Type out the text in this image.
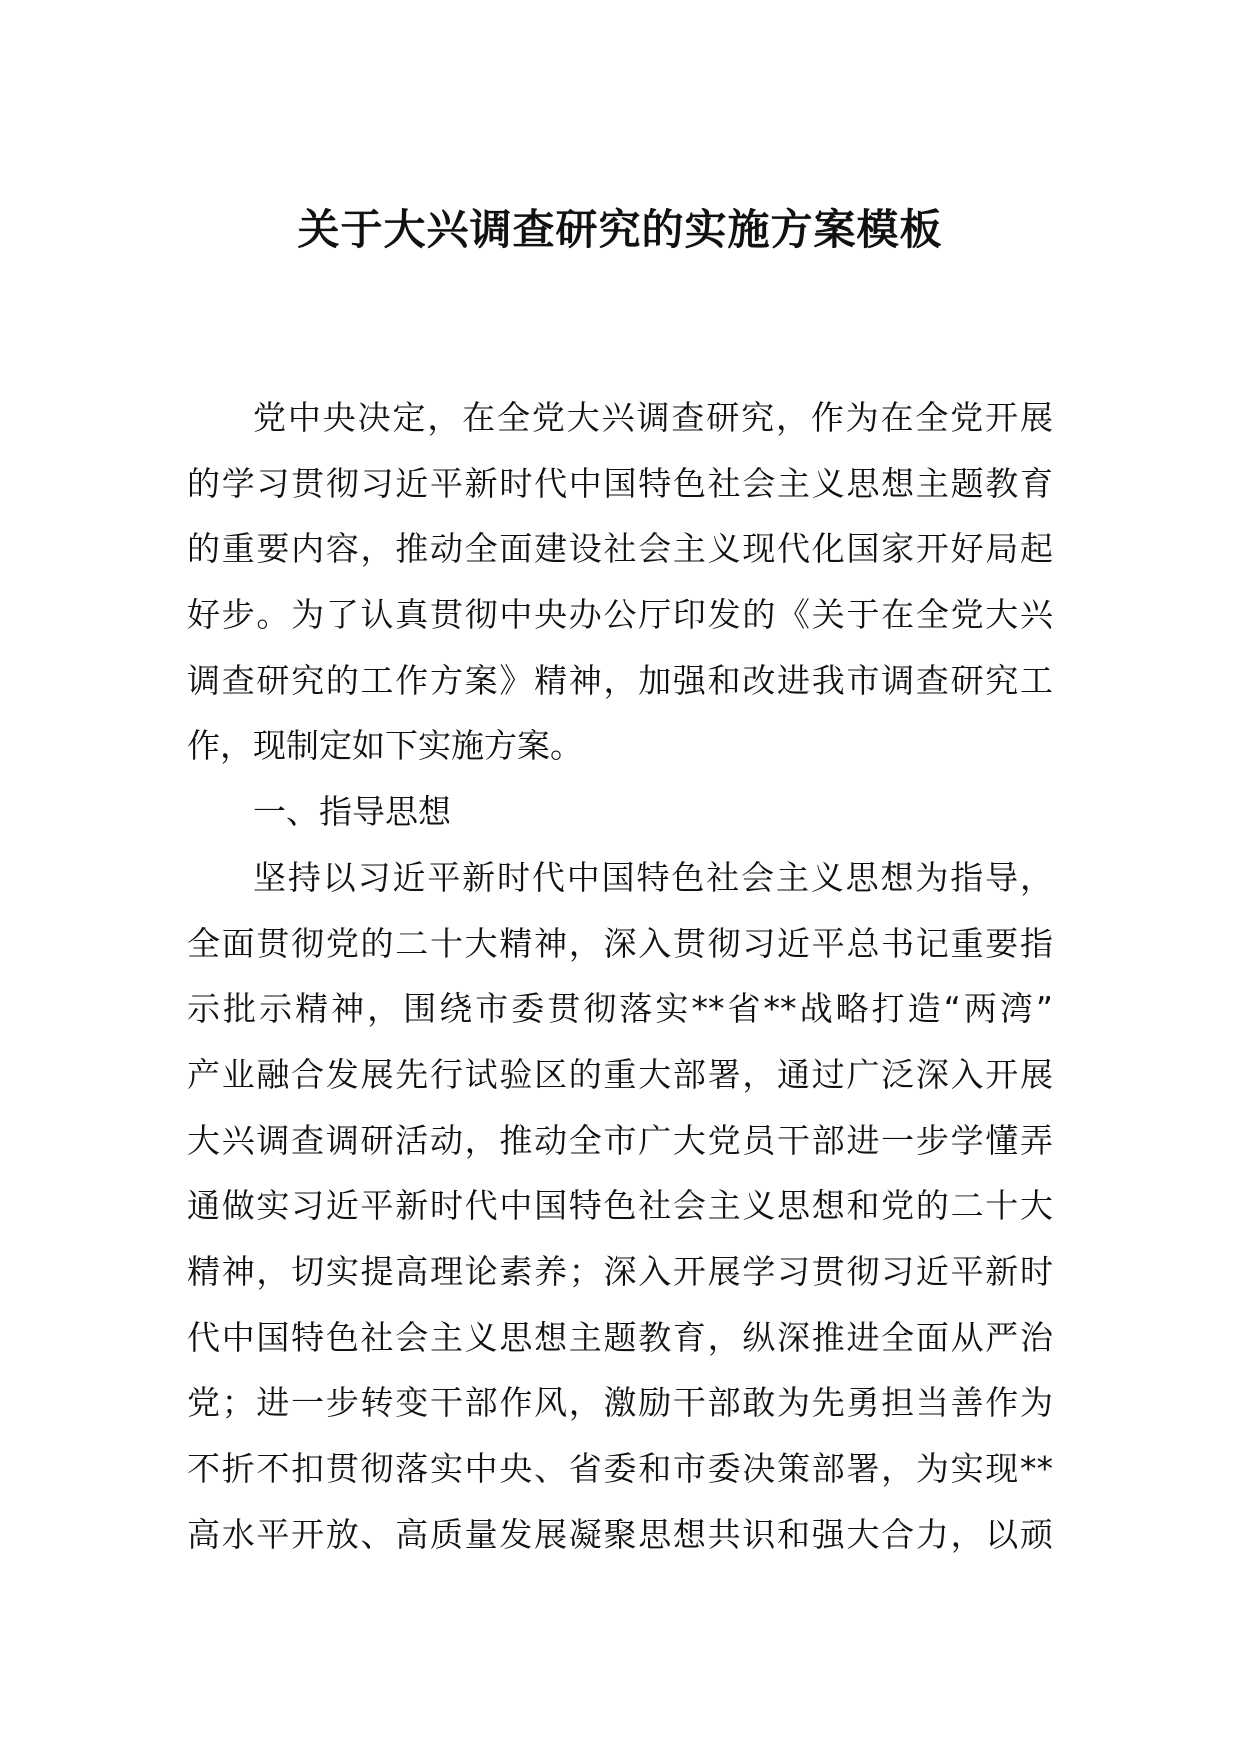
关于大兴调查研究的实施方案模板
党中央决定，在全党大兴调查研究，作为在全党开展
的学习贯彻习近平新时代中国特色社会主义思想主题教育
的重要内容，推动全面建设社会主义现代化国家开好局起
好步。为了认真贯彻中央办公厅印发的《关于在全党大兴
调查研究的工作方案》精神，加强和改进我市调查研究工
作，现制定如下实施方案。
一、指导思想
坚持以习近平新时代中国特色社会主义思想为指导，
全面贯彻党的二十大精神，深入贯彻习近平总书记重要指
示批示精神，围绕市委贯彻落实**省**战略打造“两湾”
产业融合发展先行试验区的重大部署，通过广泛深入开展
大兴调查调研活动，推动全市广大党员干部进一步学懂弄
通做实习近平新时代中国特色社会主义思想和党的二十大
精神，切实提高理论素养；深入开展学习贯彻习近平新时
代中国特色社会主义思想主题教育，纵深推进全面从严治
党；进一步转变干部作风，激励干部敢为先勇担当善作为
不折不扣贯彻落实中央、省委和市委决策部署，为实现**
高水平开放、高质量发展凝聚思想共识和强大合力，以顽
